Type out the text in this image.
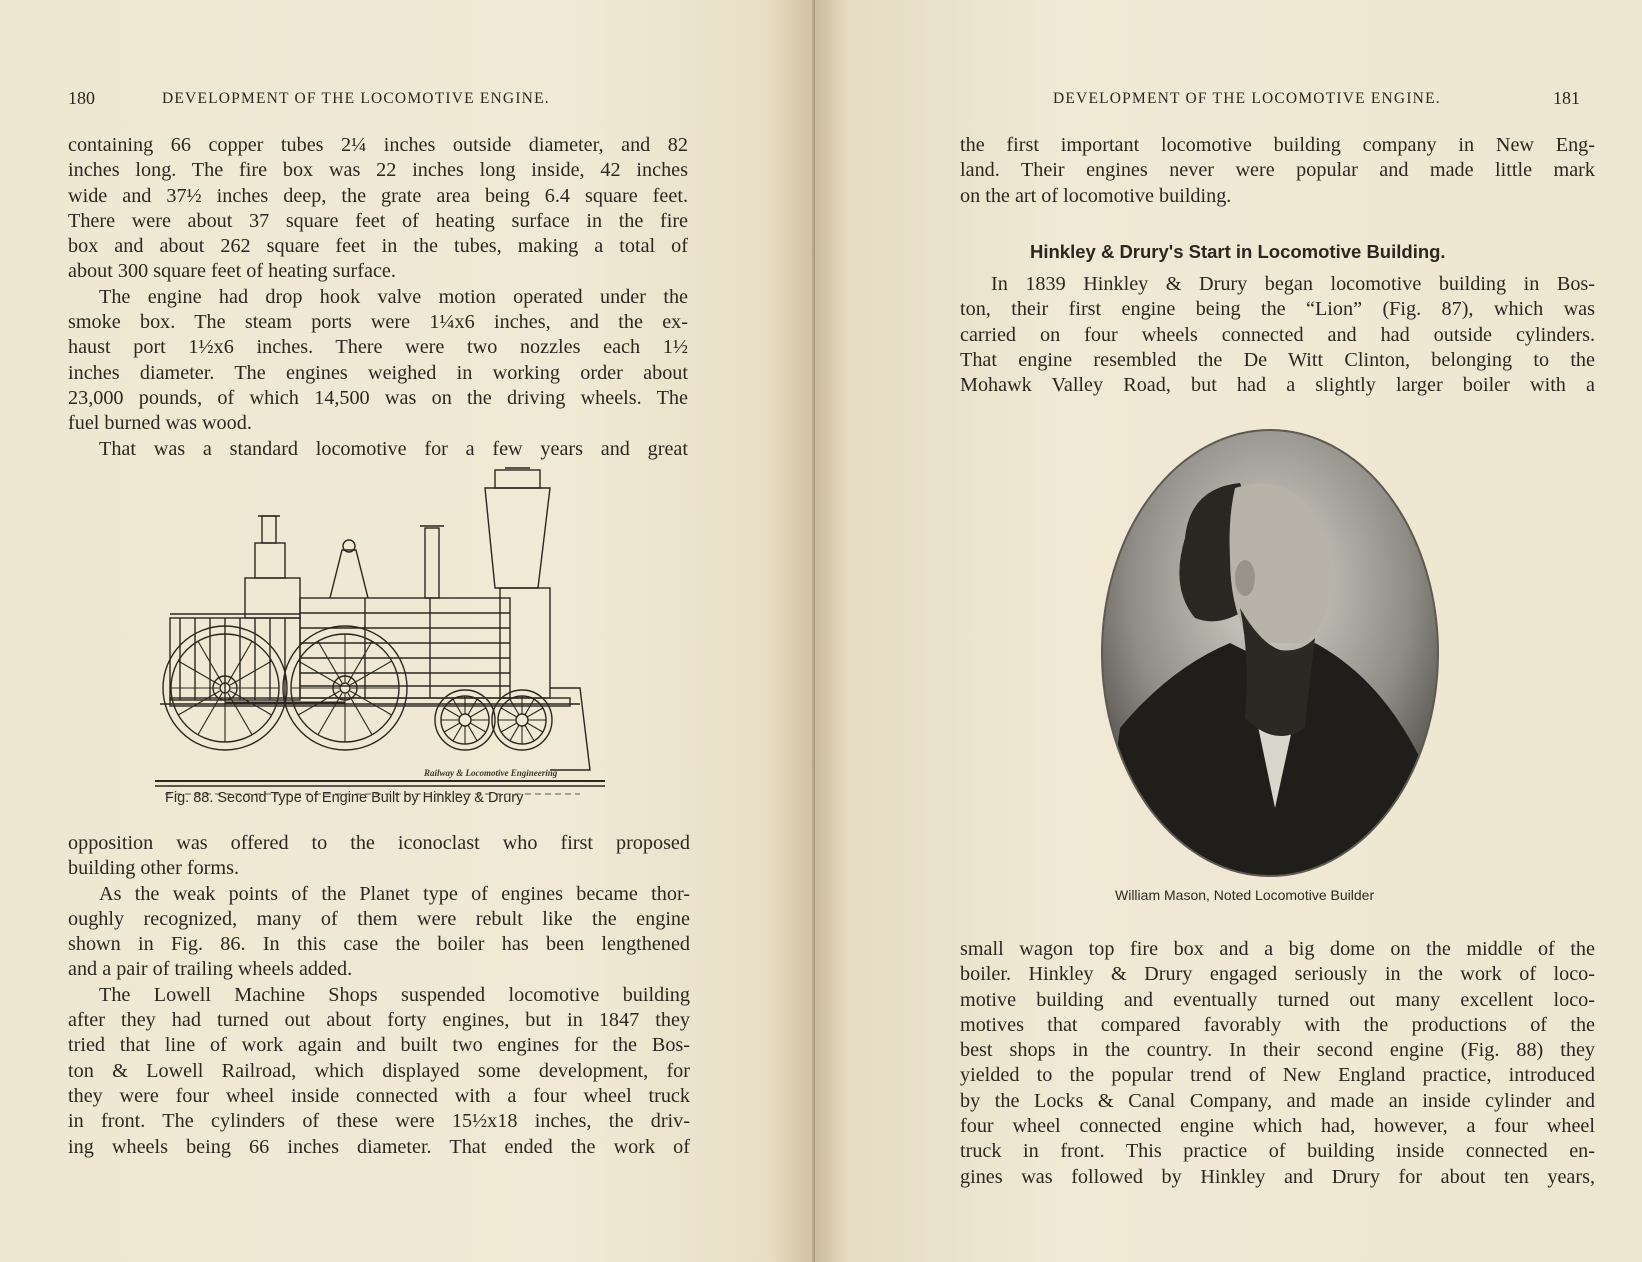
180	DEVELOPMENT OF THE LOCOMOTIVE ENGINE.
containing 66 copper tubes 2¼ inches outside diameter, and 82
inches long. The fire box was 22 inches long inside, 42 inches
wide and 37½ inches deep, the grate area being 6.4 square feet.
There were about 37 square feet of heating surface in the fire
box and about 262 square feet in the tubes, making a total of
about 300 square feet of heating surface.
The engine had drop hook valve motion operated under the
smoke box. The steam ports were 1¼x6 inches, and the ex-
haust port 1½x6 inches. There were two nozzles each 1½
inches diameter. The engines weighed in working order about
23,000 pounds, of which 14,500 was on the driving wheels. The
fuel burned was wood.
That was a standard locomotive for a few years and great
Railway & Locomotive Engineering
Fig. 88. Second Type of Engine Built by Hinkley & Drury
opposition was offered to the iconoclast who first proposed
building other forms.
As the weak points of the Planet type of engines became thor-
oughly recognized, many of them were rebult like the engine
shown in Fig. 86. In this case the boiler has been lengthened
and a pair of trailing wheels added.
The Lowell Machine Shops suspended locomotive building
after they had turned out about forty engines, but in 1847 they
tried that line of work again and built two engines for the Bos-
ton & Lowell Railroad, which displayed some development, for
they were four wheel inside connected with a four wheel truck
in front. The cylinders of these were 15½x18 inches, the driv-
ing wheels being 66 inches diameter. That ended the work of
DEVELOPMENT OF THE LOCOMOTIVE ENGINE.	181
the first important locomotive building company in New Eng-
land. Their engines never were popular and made little mark
on the art of locomotive building.
Hinkley & Drury's Start in Locomotive Building.
In 1839 Hinkley & Drury began locomotive building in Bos-
ton, their first engine being the “Lion” (Fig. 87), which was
carried on four wheels connected and had outside cylinders.
That engine resembled the De Witt Clinton, belonging to the
Mohawk Valley Road, but had a slightly larger boiler with a
William Mason, Noted Locomotive Builder
small wagon top fire box and a big dome on the middle of the
boiler. Hinkley & Drury engaged seriously in the work of loco-
motive building and eventually turned out many excellent loco-
motives that compared favorably with the productions of the
best shops in the country. In their second engine (Fig. 88) they
yielded to the popular trend of New England practice, introduced
by the Locks & Canal Company, and made an inside cylinder and
four wheel connected engine which had, however, a four wheel
truck in front. This practice of building inside connected en-
gines was followed by Hinkley and Drury for about ten years,
